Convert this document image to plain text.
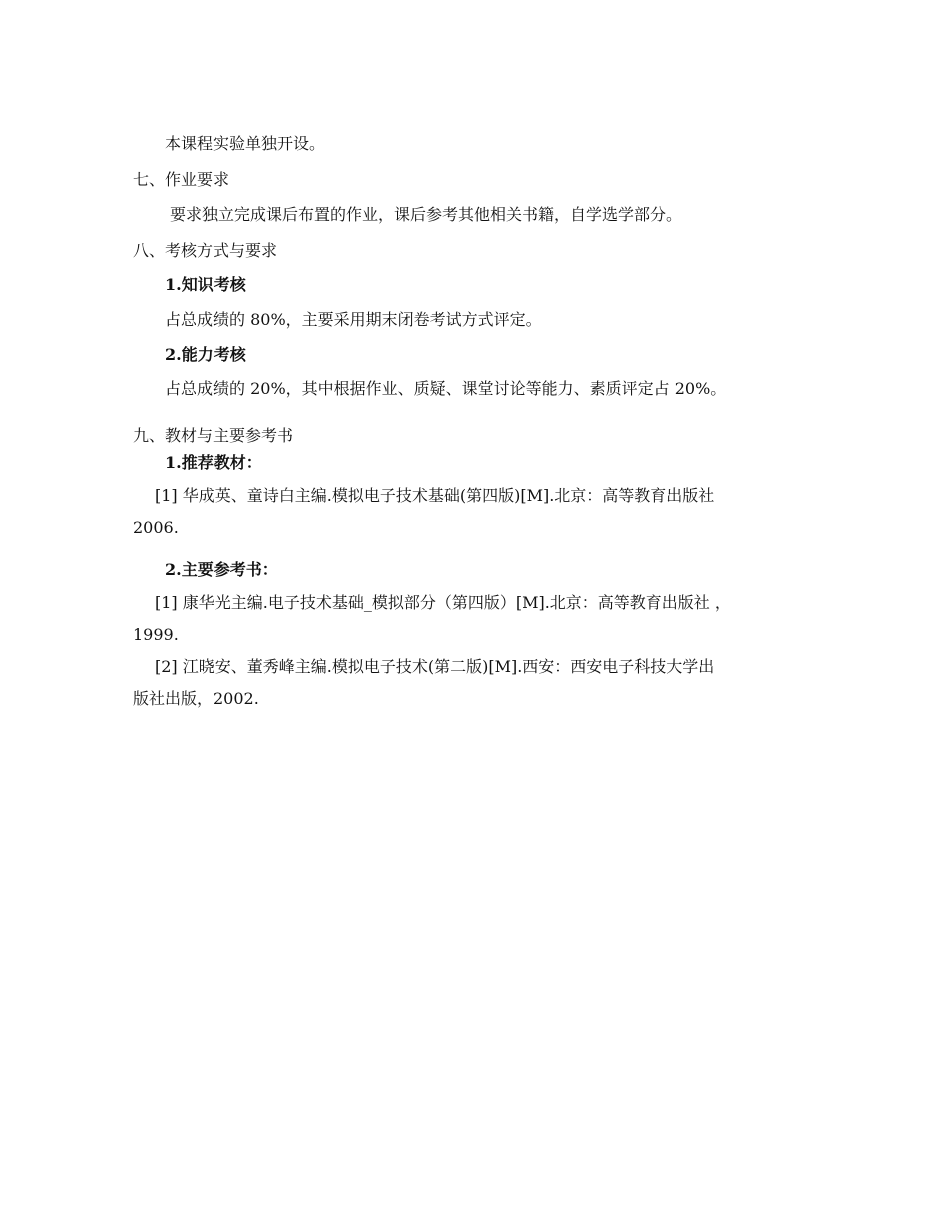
本课程实验单独开设。
七、作业要求
要求独立完成课后布置的作业，课后参考其他相关书籍，自学选学部分。
八、考核方式与要求
1.知识考核
占总成绩的 80%，主要采用期末闭卷考试方式评定。
2.能力考核
占总成绩的 20%，其中根据作业、质疑、课堂讨论等能力、素质评定占 20%。
九、教材与主要参考书
1.推荐教材：
[1] 华成英、童诗白主编.模拟电子技术基础(第四版)[M].北京：高等教育出版社
2006.
2.主要参考书：
[1] 康华光主编.电子技术基础_模拟部分（第四版）[M].北京：高等教育出版社 ，
1999.
[2] 江晓安、董秀峰主编.模拟电子技术(第二版)[M].西安：西安电子科技大学出
版社出版，2002.
